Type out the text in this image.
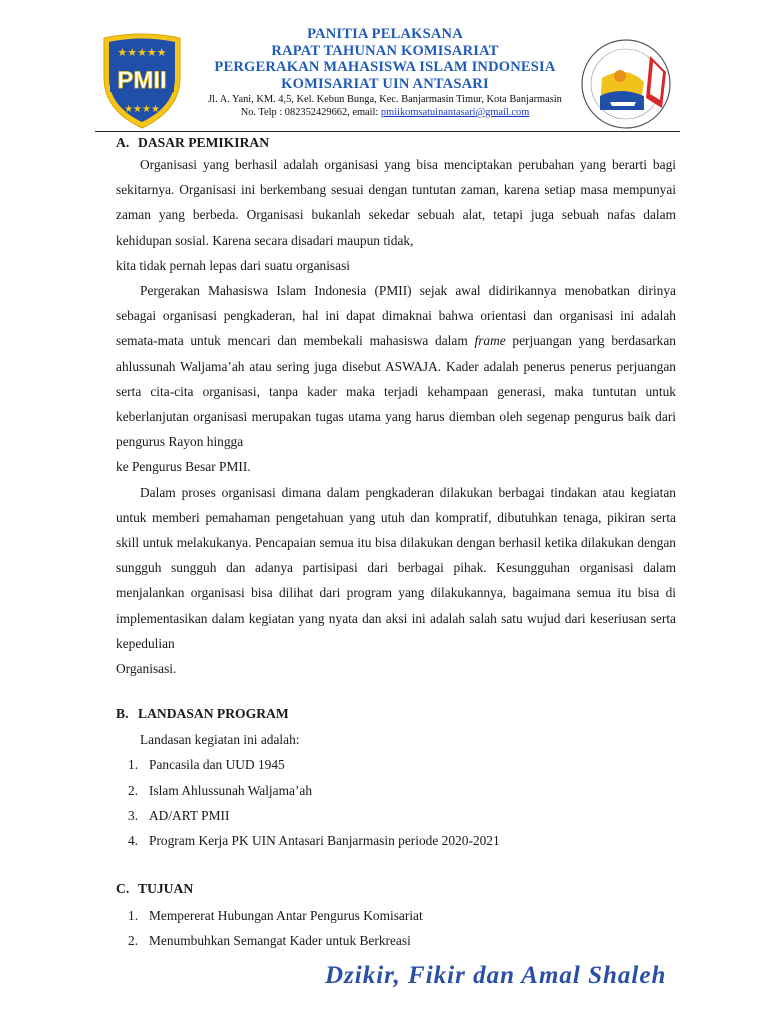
★★★★★
★★★★
PMII
PANITIA PELAKSANA
RAPAT TAHUNAN KOMISARIAT
PERGERAKAN MAHASISWA ISLAM INDONESIA
KOMISARIAT UIN ANTASARI
Jl. A. Yani, KM. 4,5, Kel. Kebun Bunga, Kec. Banjarmasin Timur, Kota Banjarmasin
No. Telp : 082352429662, email: pmiikomsatuinantasari@gmail.com
A. DASAR PEMIKIRAN

Organisasi yang berhasil adalah organisasi yang bisa menciptakan perubahan yang berarti bagi sekitarnya. Organisasi ini berkembang sesuai dengan tuntutan zaman, karena setiap masa mempunyai zaman yang berbeda. Organisasi bukanlah sekedar sebuah alat, tetapi juga sebuah nafas dalam kehidupan sosial. Karena secara disadari maupun tidak,

kita tidak pernah lepas dari suatu organisasi

Pergerakan Mahasiswa Islam Indonesia (PMII) sejak awal didirikannya menobatkan dirinya sebagai organisasi pengkaderan, hal ini dapat dimaknai bahwa orientasi dan organisasi ini adalah semata-mata untuk mencari dan membekali mahasiswa dalam frame perjuangan yang berdasarkan ahlussunah Waljama’ah atau sering juga disebut ASWAJA. Kader adalah penerus penerus perjuangan serta cita-cita organisasi, tanpa kader maka terjadi kehampaan generasi, maka tuntutan untuk keberlanjutan organisasi merupakan tugas utama yang harus diemban oleh segenap pengurus baik dari pengurus Rayon hingga

ke Pengurus Besar PMII.

Dalam proses organisasi dimana dalam pengkaderan dilakukan berbagai tindakan atau kegiatan untuk memberi pemahaman pengetahuan yang utuh dan kompratif, dibutuhkan tenaga, pikiran serta skill untuk melakukanya. Pencapaian semua itu bisa dilakukan dengan berhasil ketika dilakukan dengan sungguh sungguh dan adanya partisipasi dari berbagai pihak. Kesungguhan organisasi dalam menjalankan organisasi bisa dilihat dari program yang dilakukannya, bagaimana semua itu bisa di implementasikan dalam kegiatan yang nyata dan aksi ini adalah salah satu wujud dari keseriusan serta kepedulian

Organisasi.

B. LANDASAN PROGRAM
Landasan kegiatan ini adalah:
1. Pancasila dan UUD 1945
2. Islam Ahlussunah Waljama’ah
3. AD/ART PMII
4. Program Kerja PK UIN Antasari Banjarmasin periode 2020-2021
C. TUJUAN
1. Mempererat Hubungan Antar Pengurus Komisariat
2. Menumbuhkan Semangat Kader untuk Berkreasi
Dzikir, Fikir dan Amal Shaleh
